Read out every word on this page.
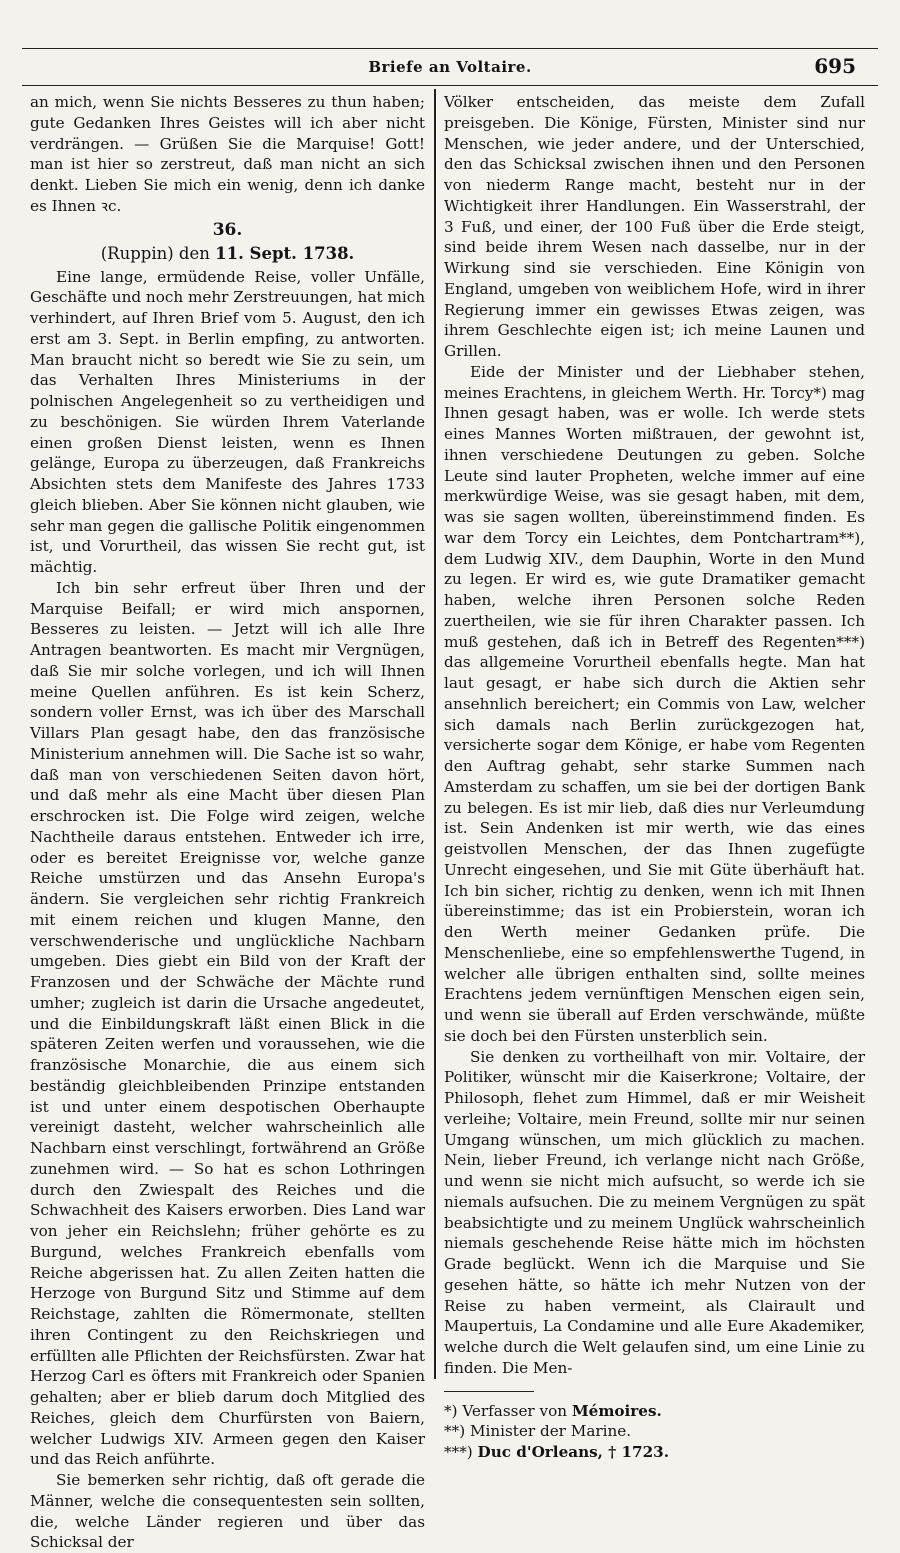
Briefe an Voltaire.	695

an mich, wenn Sie nichts Besseres zu thun haben; gute Gedanken Ihres Geistes will ich aber nicht verdrängen. — Grüßen Sie die Marquise! Gott! man ist hier so zerstreut, daß man nicht an sich denkt. Lieben Sie mich ein wenig, denn ich danke es Ihnen ꝛc.

36.
(Ruppin) den 11. Sept. 1738.

Eine lange, ermüdende Reise, voller Unfälle, Geschäfte und noch mehr Zerstreuungen, hat mich verhindert, auf Ihren Brief vom 5. August, den ich erst am 3. Sept. in Berlin empfing, zu antworten. Man braucht nicht so beredt wie Sie zu sein, um das Verhalten Ihres Ministeriums in der polnischen Angelegenheit so zu vertheidigen und zu beschönigen. Sie würden Ihrem Vaterlande einen großen Dienst leisten, wenn es Ihnen gelänge, Europa zu überzeugen, daß Frankreichs Absichten stets dem Manifeste des Jahres 1733 gleich blieben. Aber Sie können nicht glauben, wie sehr man gegen die gallische Politik eingenommen ist, und Vorurtheil, das wissen Sie recht gut, ist mächtig.

Ich bin sehr erfreut über Ihren und der Marquise Beifall; er wird mich anspornen, Besseres zu leisten. — Jetzt will ich alle Ihre Antragen beantworten. Es macht mir Vergnügen, daß Sie mir solche vorlegen, und ich will Ihnen meine Quellen anführen. Es ist kein Scherz, sondern voller Ernst, was ich über des Marschall Villars Plan gesagt habe, den das französische Ministerium annehmen will. Die Sache ist so wahr, daß man von verschiedenen Seiten davon hört, und daß mehr als eine Macht über diesen Plan erschrocken ist. Die Folge wird zeigen, welche Nachtheile daraus entstehen. Entweder ich irre, oder es bereitet Ereignisse vor, welche ganze Reiche umstürzen und das Ansehn Europa's ändern. Sie vergleichen sehr richtig Frankreich mit einem reichen und klugen Manne, den verschwenderische und unglückliche Nachbarn umgeben. Dies giebt ein Bild von der Kraft der Franzosen und der Schwäche der Mächte rund umher; zugleich ist darin die Ursache angedeutet, und die Einbildungskraft läßt einen Blick in die späteren Zeiten werfen und voraussehen, wie die französische Monarchie, die aus einem sich beständig gleichbleibenden Prinzipe entstanden ist und unter einem despotischen Oberhaupte vereinigt dasteht, welcher wahrscheinlich alle Nachbarn einst verschlingt, fortwährend an Größe zunehmen wird. — So hat es schon Lothringen durch den Zwiespalt des Reiches und die Schwachheit des Kaisers erworben. Dies Land war von jeher ein Reichslehn; früher gehörte es zu Burgund, welches Frankreich ebenfalls vom Reiche abgerissen hat. Zu allen Zeiten hatten die Herzoge von Burgund Sitz und Stimme auf dem Reichstage, zahlten die Römermonate, stellten ihren Contingent zu den Reichskriegen und erfüllten alle Pflichten der Reichsfürsten. Zwar hat Herzog Carl es öfters mit Frankreich oder Spanien gehalten; aber er blieb darum doch Mitglied des Reiches, gleich dem Churfürsten von Baiern, welcher Ludwigs XIV. Armeen gegen den Kaiser und das Reich anführte.

Sie bemerken sehr richtig, daß oft gerade die Männer, welche die consequentesten sein sollten, die, welche Länder regieren und über das Schicksal der

Völker entscheiden, das meiste dem Zufall preisgeben. Die Könige, Fürsten, Minister sind nur Menschen, wie jeder andere, und der Unterschied, den das Schicksal zwischen ihnen und den Personen von niederm Range macht, besteht nur in der Wichtigkeit ihrer Handlungen. Ein Wasserstrahl, der 3 Fuß, und einer, der 100 Fuß über die Erde steigt, sind beide ihrem Wesen nach dasselbe, nur in der Wirkung sind sie verschieden. Eine Königin von England, umgeben von weiblichem Hofe, wird in ihrer Regierung immer ein gewisses Etwas zeigen, was ihrem Geschlechte eigen ist; ich meine Launen und Grillen.

Eide der Minister und der Liebhaber stehen, meines Erachtens, in gleichem Werth. Hr. Torcy*) mag Ihnen gesagt haben, was er wolle. Ich werde stets eines Mannes Worten mißtrauen, der gewohnt ist, ihnen verschiedene Deutungen zu geben. Solche Leute sind lauter Propheten, welche immer auf eine merkwürdige Weise, was sie gesagt haben, mit dem, was sie sagen wollten, übereinstimmend finden. Es war dem Torcy ein Leichtes, dem Pontchartram**), dem Ludwig XIV., dem Dauphin, Worte in den Mund zu legen. Er wird es, wie gute Dramatiker gemacht haben, welche ihren Personen solche Reden zuertheilen, wie sie für ihren Charakter passen. Ich muß gestehen, daß ich in Betreff des Regenten***) das allgemeine Vorurtheil ebenfalls hegte. Man hat laut gesagt, er habe sich durch die Aktien sehr ansehnlich bereichert; ein Commis von Law, welcher sich damals nach Berlin zurückgezogen hat, versicherte sogar dem Könige, er habe vom Regenten den Auftrag gehabt, sehr starke Summen nach Amsterdam zu schaffen, um sie bei der dortigen Bank zu belegen. Es ist mir lieb, daß dies nur Verleumdung ist. Sein Andenken ist mir werth, wie das eines geistvollen Menschen, der das Ihnen zugefügte Unrecht eingesehen, und Sie mit Güte überhäuft hat. Ich bin sicher, richtig zu denken, wenn ich mit Ihnen übereinstimme; das ist ein Probierstein, woran ich den Werth meiner Gedanken prüfe. Die Menschenliebe, eine so empfehlenswerthe Tugend, in welcher alle übrigen enthalten sind, sollte meines Erachtens jedem vernünftigen Menschen eigen sein, und wenn sie überall auf Erden verschwände, müßte sie doch bei den Fürsten unsterblich sein.

Sie denken zu vortheilhaft von mir. Voltaire, der Politiker, wünscht mir die Kaiserkrone; Voltaire, der Philosoph, flehet zum Himmel, daß er mir Weisheit verleihe; Voltaire, mein Freund, sollte mir nur seinen Umgang wünschen, um mich glücklich zu machen. Nein, lieber Freund, ich verlange nicht nach Größe, und wenn sie nicht mich aufsucht, so werde ich sie niemals aufsuchen. Die zu meinem Vergnügen zu spät beabsichtigte und zu meinem Unglück wahrscheinlich niemals geschehende Reise hätte mich im höchsten Grade beglückt. Wenn ich die Marquise und Sie gesehen hätte, so hätte ich mehr Nutzen von der Reise zu haben vermeint, als Clairault und Maupertuis, La Condamine und alle Eure Akademiker, welche durch die Welt gelaufen sind, um eine Linie zu finden. Die Men-

*) Verfasser von Mémoires.

**) Minister der Marine.

***) Duc d'Orleans, † 1723.
